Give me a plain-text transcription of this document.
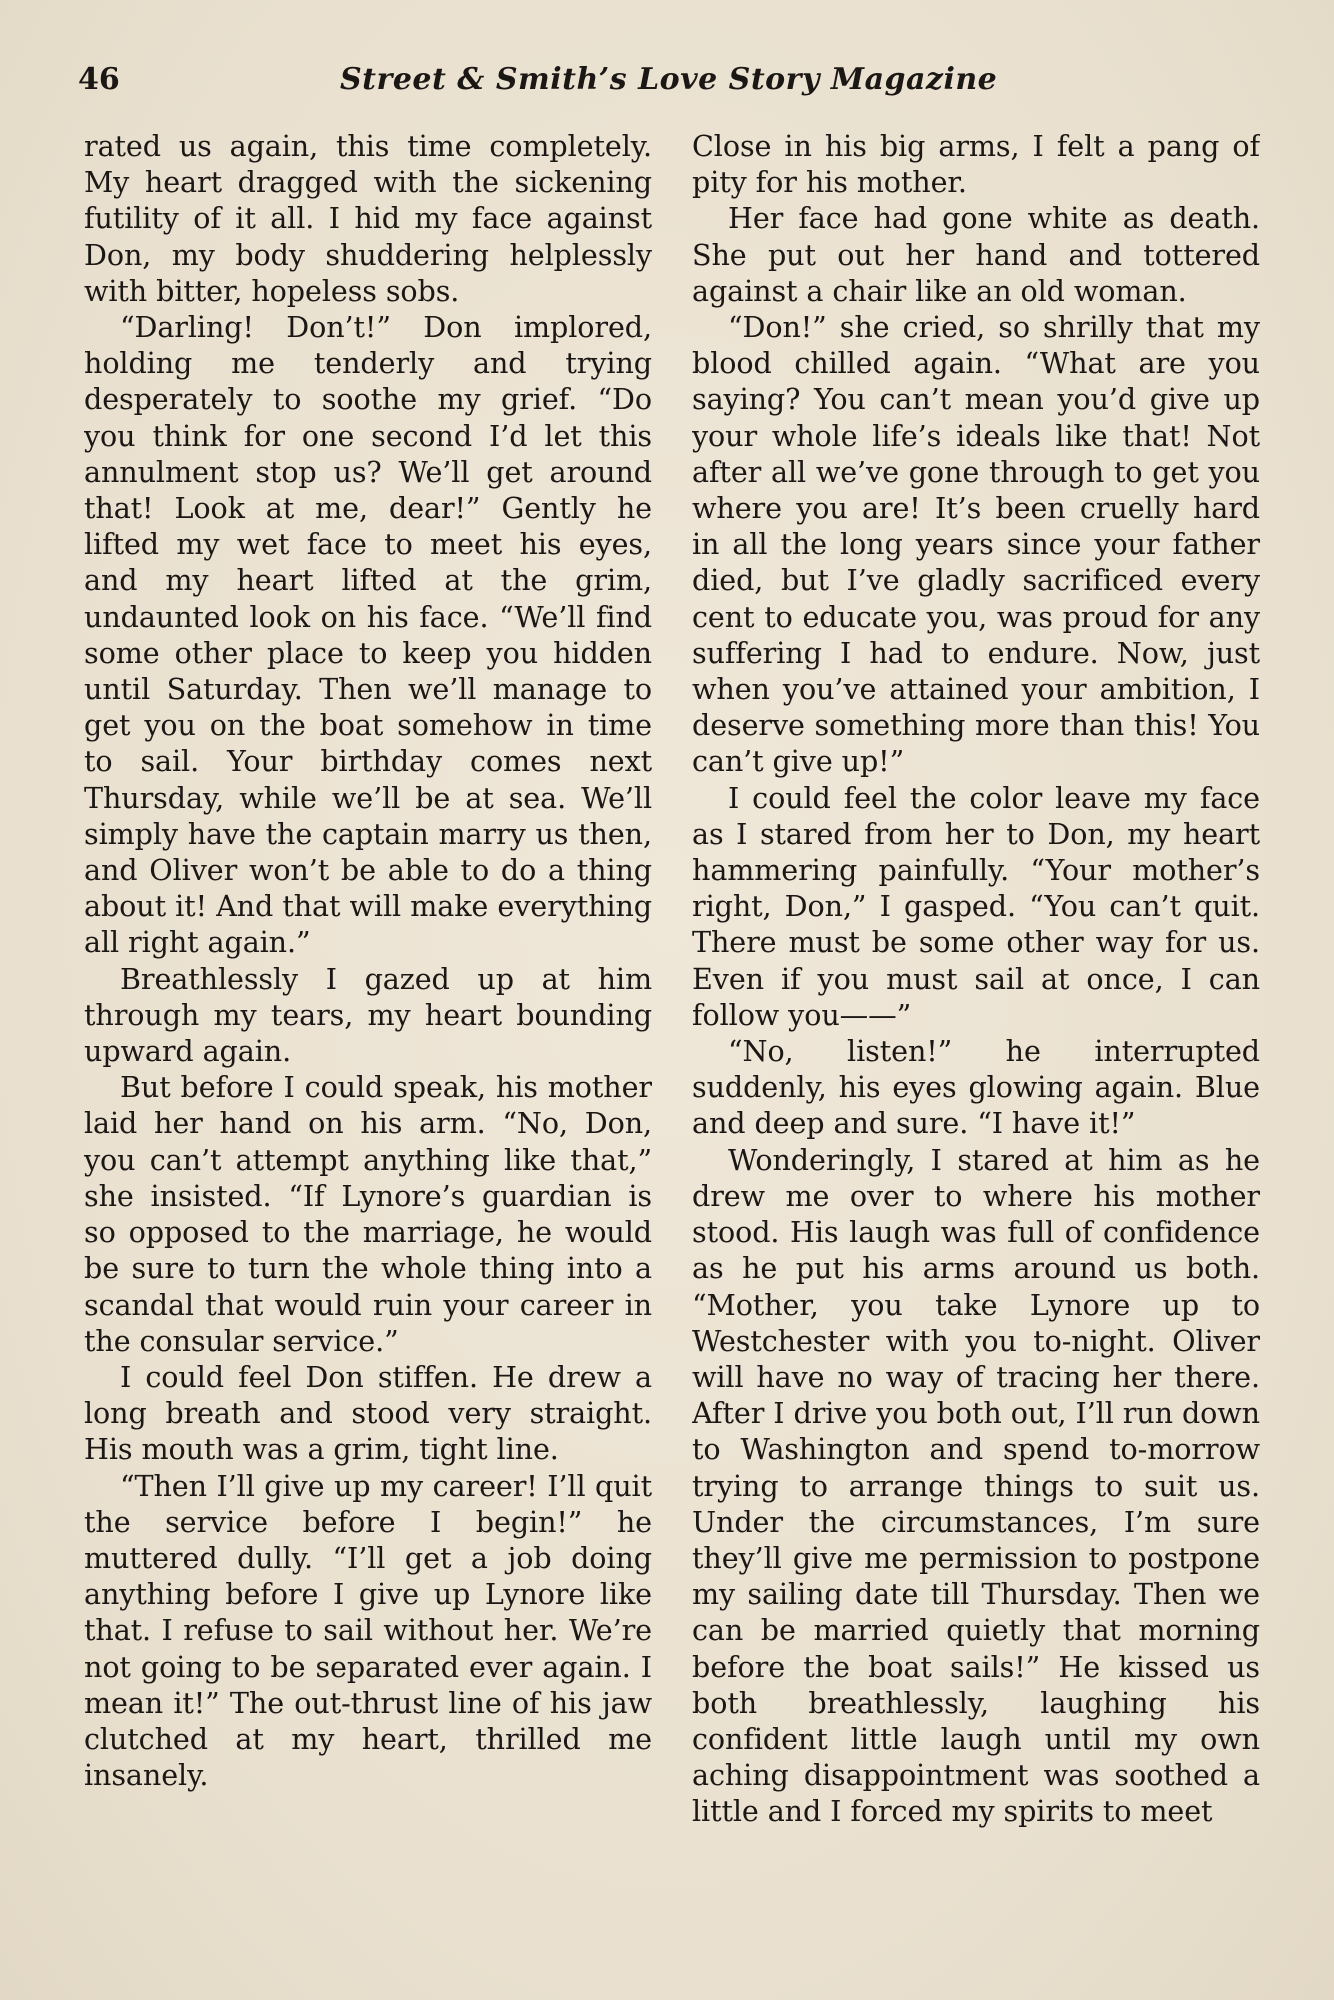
46	Street & Smith’s Love Story Magazine

rated us again, this time completely. My heart dragged with the sickening futility of it all. I hid my face against Don, my body shuddering helplessly with bitter, hopeless sobs.

“Darling! Don’t!” Don implored, holding me tenderly and trying desperately to soothe my grief. “Do you think for one second I’d let this annulment stop us? We’ll get around that! Look at me, dear!” Gently he lifted my wet face to meet his eyes, and my heart lifted at the grim, undaunted look on his face. “We’ll find some other place to keep you hidden until Saturday. Then we’ll manage to get you on the boat somehow in time to sail. Your birthday comes next Thursday, while we’ll be at sea. We’ll simply have the captain marry us then, and Oliver won’t be able to do a thing about it! And that will make everything all right again.”

Breathlessly I gazed up at him through my tears, my heart bounding upward again.

But before I could speak, his mother laid her hand on his arm. “No, Don, you can’t attempt anything like that,” she insisted. “If Lynore’s guardian is so opposed to the marriage, he would be sure to turn the whole thing into a scandal that would ruin your career in the consular service.”

I could feel Don stiffen. He drew a long breath and stood very straight. His mouth was a grim, tight line.

“Then I’ll give up my career! I’ll quit the service before I begin!” he muttered dully. “I’ll get a job doing anything before I give up Lynore like that. I refuse to sail without her. We’re not going to be separated ever again. I mean it!” The out-thrust line of his jaw clutched at my heart, thrilled me insanely.

Close in his big arms, I felt a pang of pity for his mother.

Her face had gone white as death. She put out her hand and tottered against a chair like an old woman.

“Don!” she cried, so shrilly that my blood chilled again. “What are you saying? You can’t mean you’d give up your whole life’s ideals like that! Not after all we’ve gone through to get you where you are! It’s been cruelly hard in all the long years since your father died, but I’ve gladly sacrificed every cent to educate you, was proud for any suffering I had to endure. Now, just when you’ve attained your ambition, I deserve something more than this! You can’t give up!”

I could feel the color leave my face as I stared from her to Don, my heart hammering painfully. “Your mother’s right, Don,” I gasped. “You can’t quit. There must be some other way for us. Even if you must sail at once, I can follow you——”

“No, listen!” he interrupted suddenly, his eyes glowing again. Blue and deep and sure. “I have it!”

Wonderingly, I stared at him as he drew me over to where his mother stood. His laugh was full of confidence as he put his arms around us both. “Mother, you take Lynore up to Westchester with you to-night. Oliver will have no way of tracing her there. After I drive you both out, I’ll run down to Washington and spend to-morrow trying to arrange things to suit us. Under the circumstances, I’m sure they’ll give me permission to postpone my sailing date till Thursday. Then we can be married quietly that morning before the boat sails!” He kissed us both breathlessly, laughing his confident little laugh until my own aching disappointment was soothed a little and I forced my spirits to meet
